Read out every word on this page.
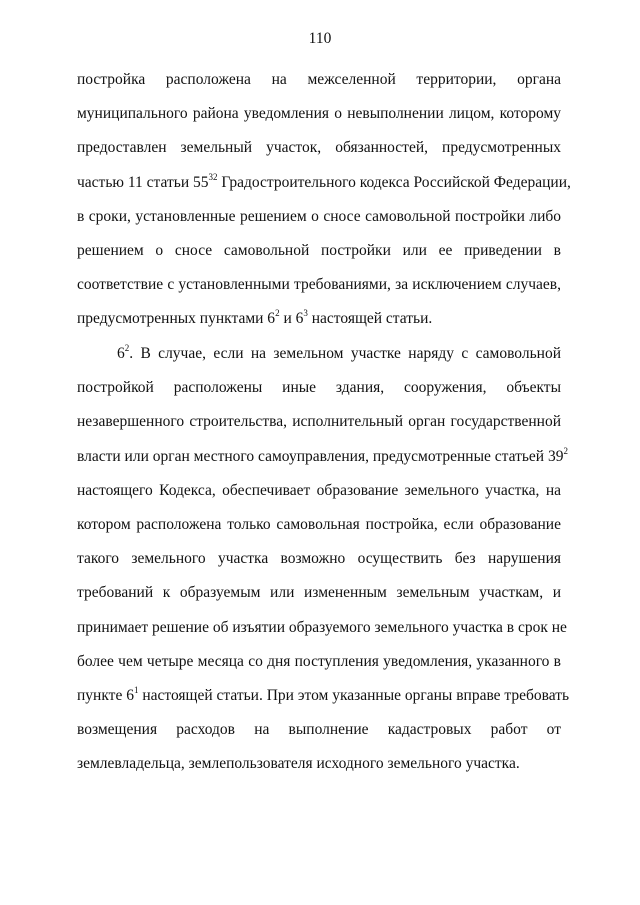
110
постройка расположена на межселенной территории, органа
муниципального района уведомления о невыполнении лицом, которому
предоставлен земельный участок, обязанностей, предусмотренных
частью 11 статьи $55^{32}$ Градостроительного кодекса Российской Федерации,
в сроки, установленные решением о сносе самовольной постройки либо
решением о сносе самовольной постройки или ее приведении в
соответствие с установленными требованиями, за исключением случаев,
предусмотренных пунктами $6^2$ и $6^3$ настоящей статьи.
$6^2$. В случае, если на земельном участке наряду с самовольной
постройкой расположены иные здания, сооружения, объекты
незавершенного строительства, исполнительный орган государственной
власти или орган местного самоуправления, предусмотренные статьей $39^2$
настоящего Кодекса, обеспечивает образование земельного участка, на
котором расположена только самовольная постройка, если образование
такого земельного участка возможно осуществить без нарушения
требований к образуемым или измененным земельным участкам, и
принимает решение об изъятии образуемого земельного участка в срок не
более чем четыре месяца со дня поступления уведомления, указанного в
пункте $6^1$ настоящей статьи. При этом указанные органы вправе требовать
возмещения расходов на выполнение кадастровых работ от
землевладельца, землепользователя исходного земельного участка.
